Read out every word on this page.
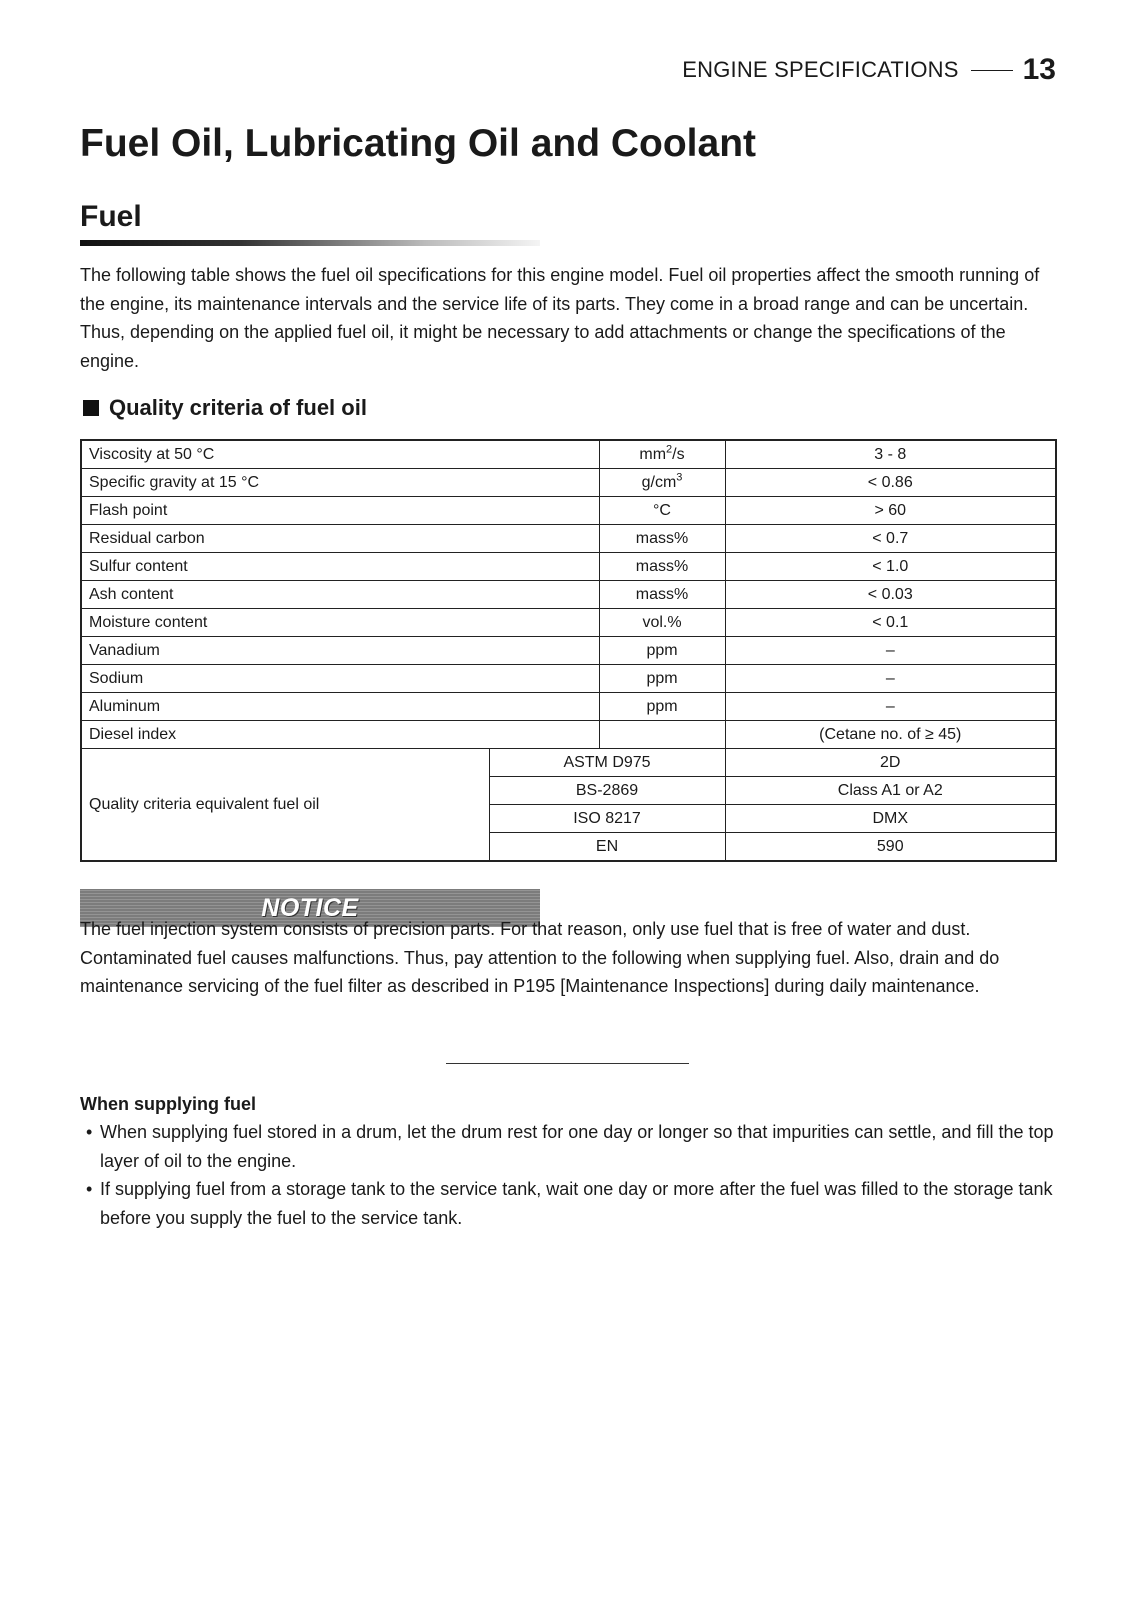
ENGINE SPECIFICATIONS 13
Fuel Oil, Lubricating Oil and Coolant
Fuel

The following table shows the fuel oil specifications for this engine model. Fuel oil properties affect the smooth running of the engine, its maintenance intervals and the service life of its parts. They come in a broad range and can be uncertain. Thus, depending on the applied fuel oil, it might be necessary to add attachments or change the specifications of the engine.

Quality criteria of fuel oil
Viscosity at 50 °C		$mm^2/s$	3 - 8
Specific gravity at 15 °C		$g/cm^3$	< 0.86
Flash point		°C	> 60
Residual carbon		mass%	< 0.7
Sulfur content		mass%	< 1.0
Ash content		mass%	< 0.03
Moisture content		vol.%	< 0.1
Vanadium		ppm	–
Sodium		ppm	–
Aluminum		ppm	–
Diesel index			(Cetane no. of ≥ 45)
Quality criteria equivalent fuel oil	ASTM D975		2D
	BS-2869		Class A1 or A2
	ISO 8217		DMX
	EN		590
NOTICE

The fuel injection system consists of precision parts. For that reason, only use fuel that is free of water and dust. Contaminated fuel causes malfunctions. Thus, pay attention to the following when supplying fuel. Also, drain and do maintenance servicing of the fuel filter as described in P195 [Maintenance Inspections] during daily maintenance.

When supplying fuel
• When supplying fuel stored in a drum, let the drum rest for one day or longer so that impurities can settle, and fill the top layer of oil to the engine.
• If supplying fuel from a storage tank to the service tank, wait one day or more after the fuel was filled to the storage tank before you supply the fuel to the service tank.
